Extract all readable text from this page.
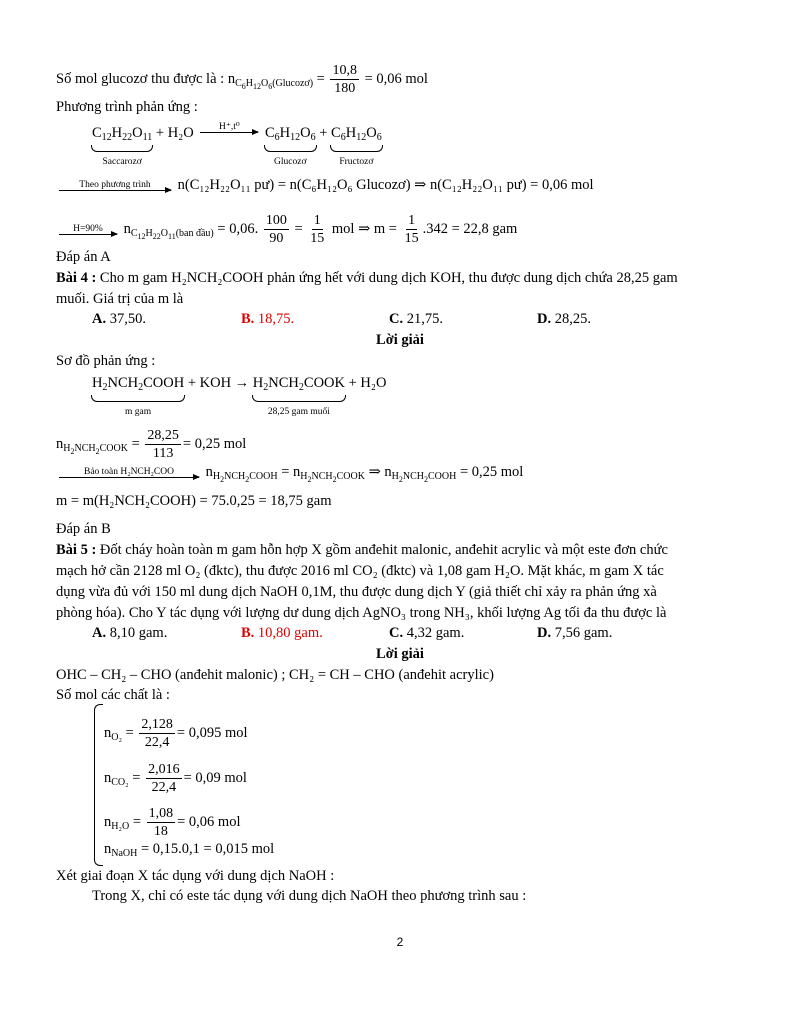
Số mol glucozơ thu được là : $n_{C_6H_{12}O_6(Glucozơ)} = \frac{10,8}{180} = 0,06$ mol
Phương trình phản ứng :
$C_{12}H_{22}O_{11}$
Saccarozơ
+ H₂O	H⁺,t⁰
$C_6H_{12}O_6$
Glucozơ
+ $C_6H_{12}O_6$
Fructozơ
Theo phương trình n(C₁₂H₂₂O₁₁ pư) = n(C₆H₁₂O₆ Glucozơ) ⇒ n(C₁₂H₂₂O₁₁ pư) = 0,06 mol
H=90% $n_{C_{12}H_{22}O_{11}(ban đầu)} = 0,06$. $\frac{100}{90} = \frac{1}{15}$ mol ⇒ $m = \frac{1}{15} .342 = 22,8$ gam
Đáp án A
Bài 4 : Cho m gam H₂NCH₂COOH phản ứng hết với dung dịch KOH, thu được dung dịch chứa 28,25 gam
muối. Giá trị của m là
A. 37,50.	B. 18,75.	C. 21,75.	D. 28,25.
Lời giải
Sơ đồ phản ứng :
$H_2NCH_2COOH$
m gam
+ KOH → $H_2NCH_2COOK$
28,25 gam muối
+ H₂O
$n_{H_2NCH_2COOK} = \frac{28,25}{113} = 0,25$ mol
Bảo toàn H₂NCH₂COO $n_{H_2NCH_2COOH} = n_{H_2NCH_2COOK}$ ⇒ $n_{H_2NCH_2COOH} = 0,25$ mol
m = m(H₂NCH₂COOH) = 75.0,25 = 18,75 gam
Đáp án B
Bài 5 : Đốt cháy hoàn toàn m gam hỗn hợp X gồm anđehit malonic, anđehit acrylic và một este đơn chức
mạch hở cần 2128 ml O₂ (đktc), thu được 2016 ml CO₂ (đktc) và 1,08 gam H₂O. Mặt khác, m gam X tác
dụng vừa đủ với 150 ml dung dịch NaOH 0,1M, thu được dung dịch Y (giả thiết chỉ xảy ra phản ứng xà
phòng hóa). Cho Y tác dụng với lượng dư dung dịch AgNO₃ trong NH₃, khối lượng Ag tối đa thu được là
A. 8,10 gam.	B. 10,80 gam.	C. 4,32 gam.	D. 7,56 gam.
Lời giải
OHC – CH₂ – CHO (anđehit malonic) ; CH₂ = CH – CHO (anđehit acrylic)
Số mol các chất là :
$n_{O_2} = \frac{2,128}{22,4} = 0,095$ mol
$n_{CO_2} = \frac{2,016}{22,4} = 0,09$ mol
$n_{H_2O} = \frac{1,08}{18} = 0,06$ mol
$n_{NaOH} = 0,15.0,1 = 0,015$ mol
Xét giai đoạn X tác dụng với dung dịch NaOH :
Trong X, chỉ có este tác dụng với dung dịch NaOH theo phương trình sau :
2
